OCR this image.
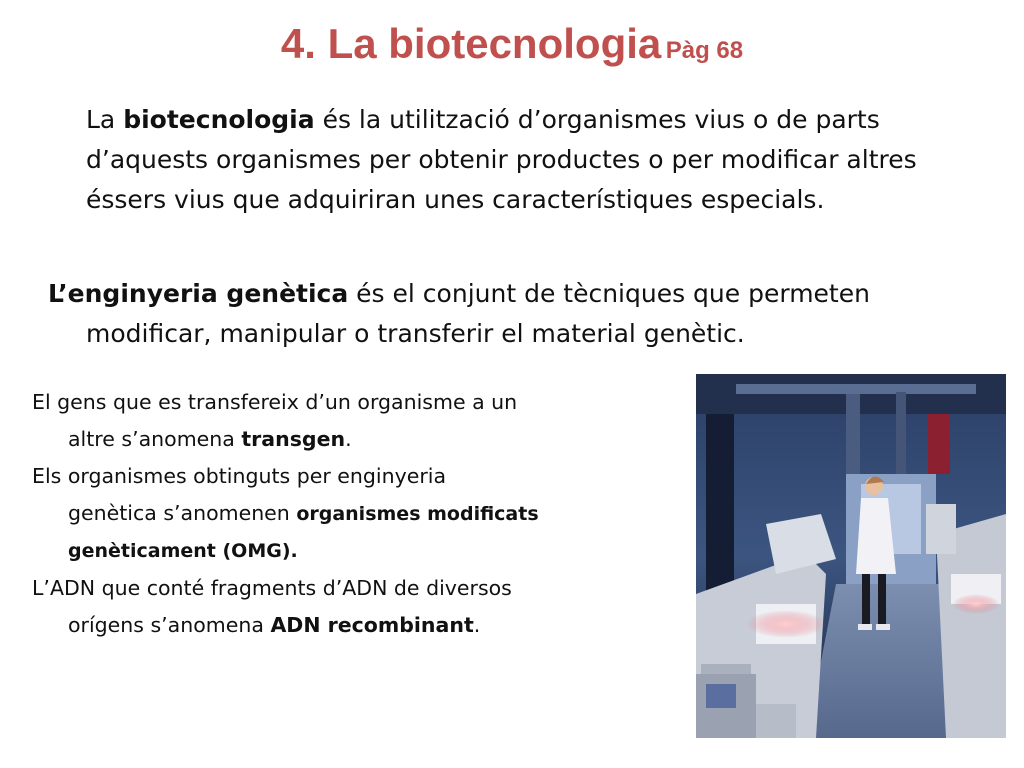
4. La biotecnologia Pàg 68
La biotecnologia és la utilització d’organismes vius o de parts d’aquests organismes per obtenir productes o per modificar altres éssers vius que adquiriran unes característiques especials.
L’enginyeria genètica és el conjunt de tècniques que permeten
modificar, manipular o transferir el material genètic.
El gens que es transfereix d’un organisme a un
altre s’anomena transgen.
Els organismes obtinguts per enginyeria
genètica s’anomenen organismes modificats
genèticament (OMG).
L’ADN que conté fragments d’ADN de diversos
orígens s’anomena ADN recombinant.
